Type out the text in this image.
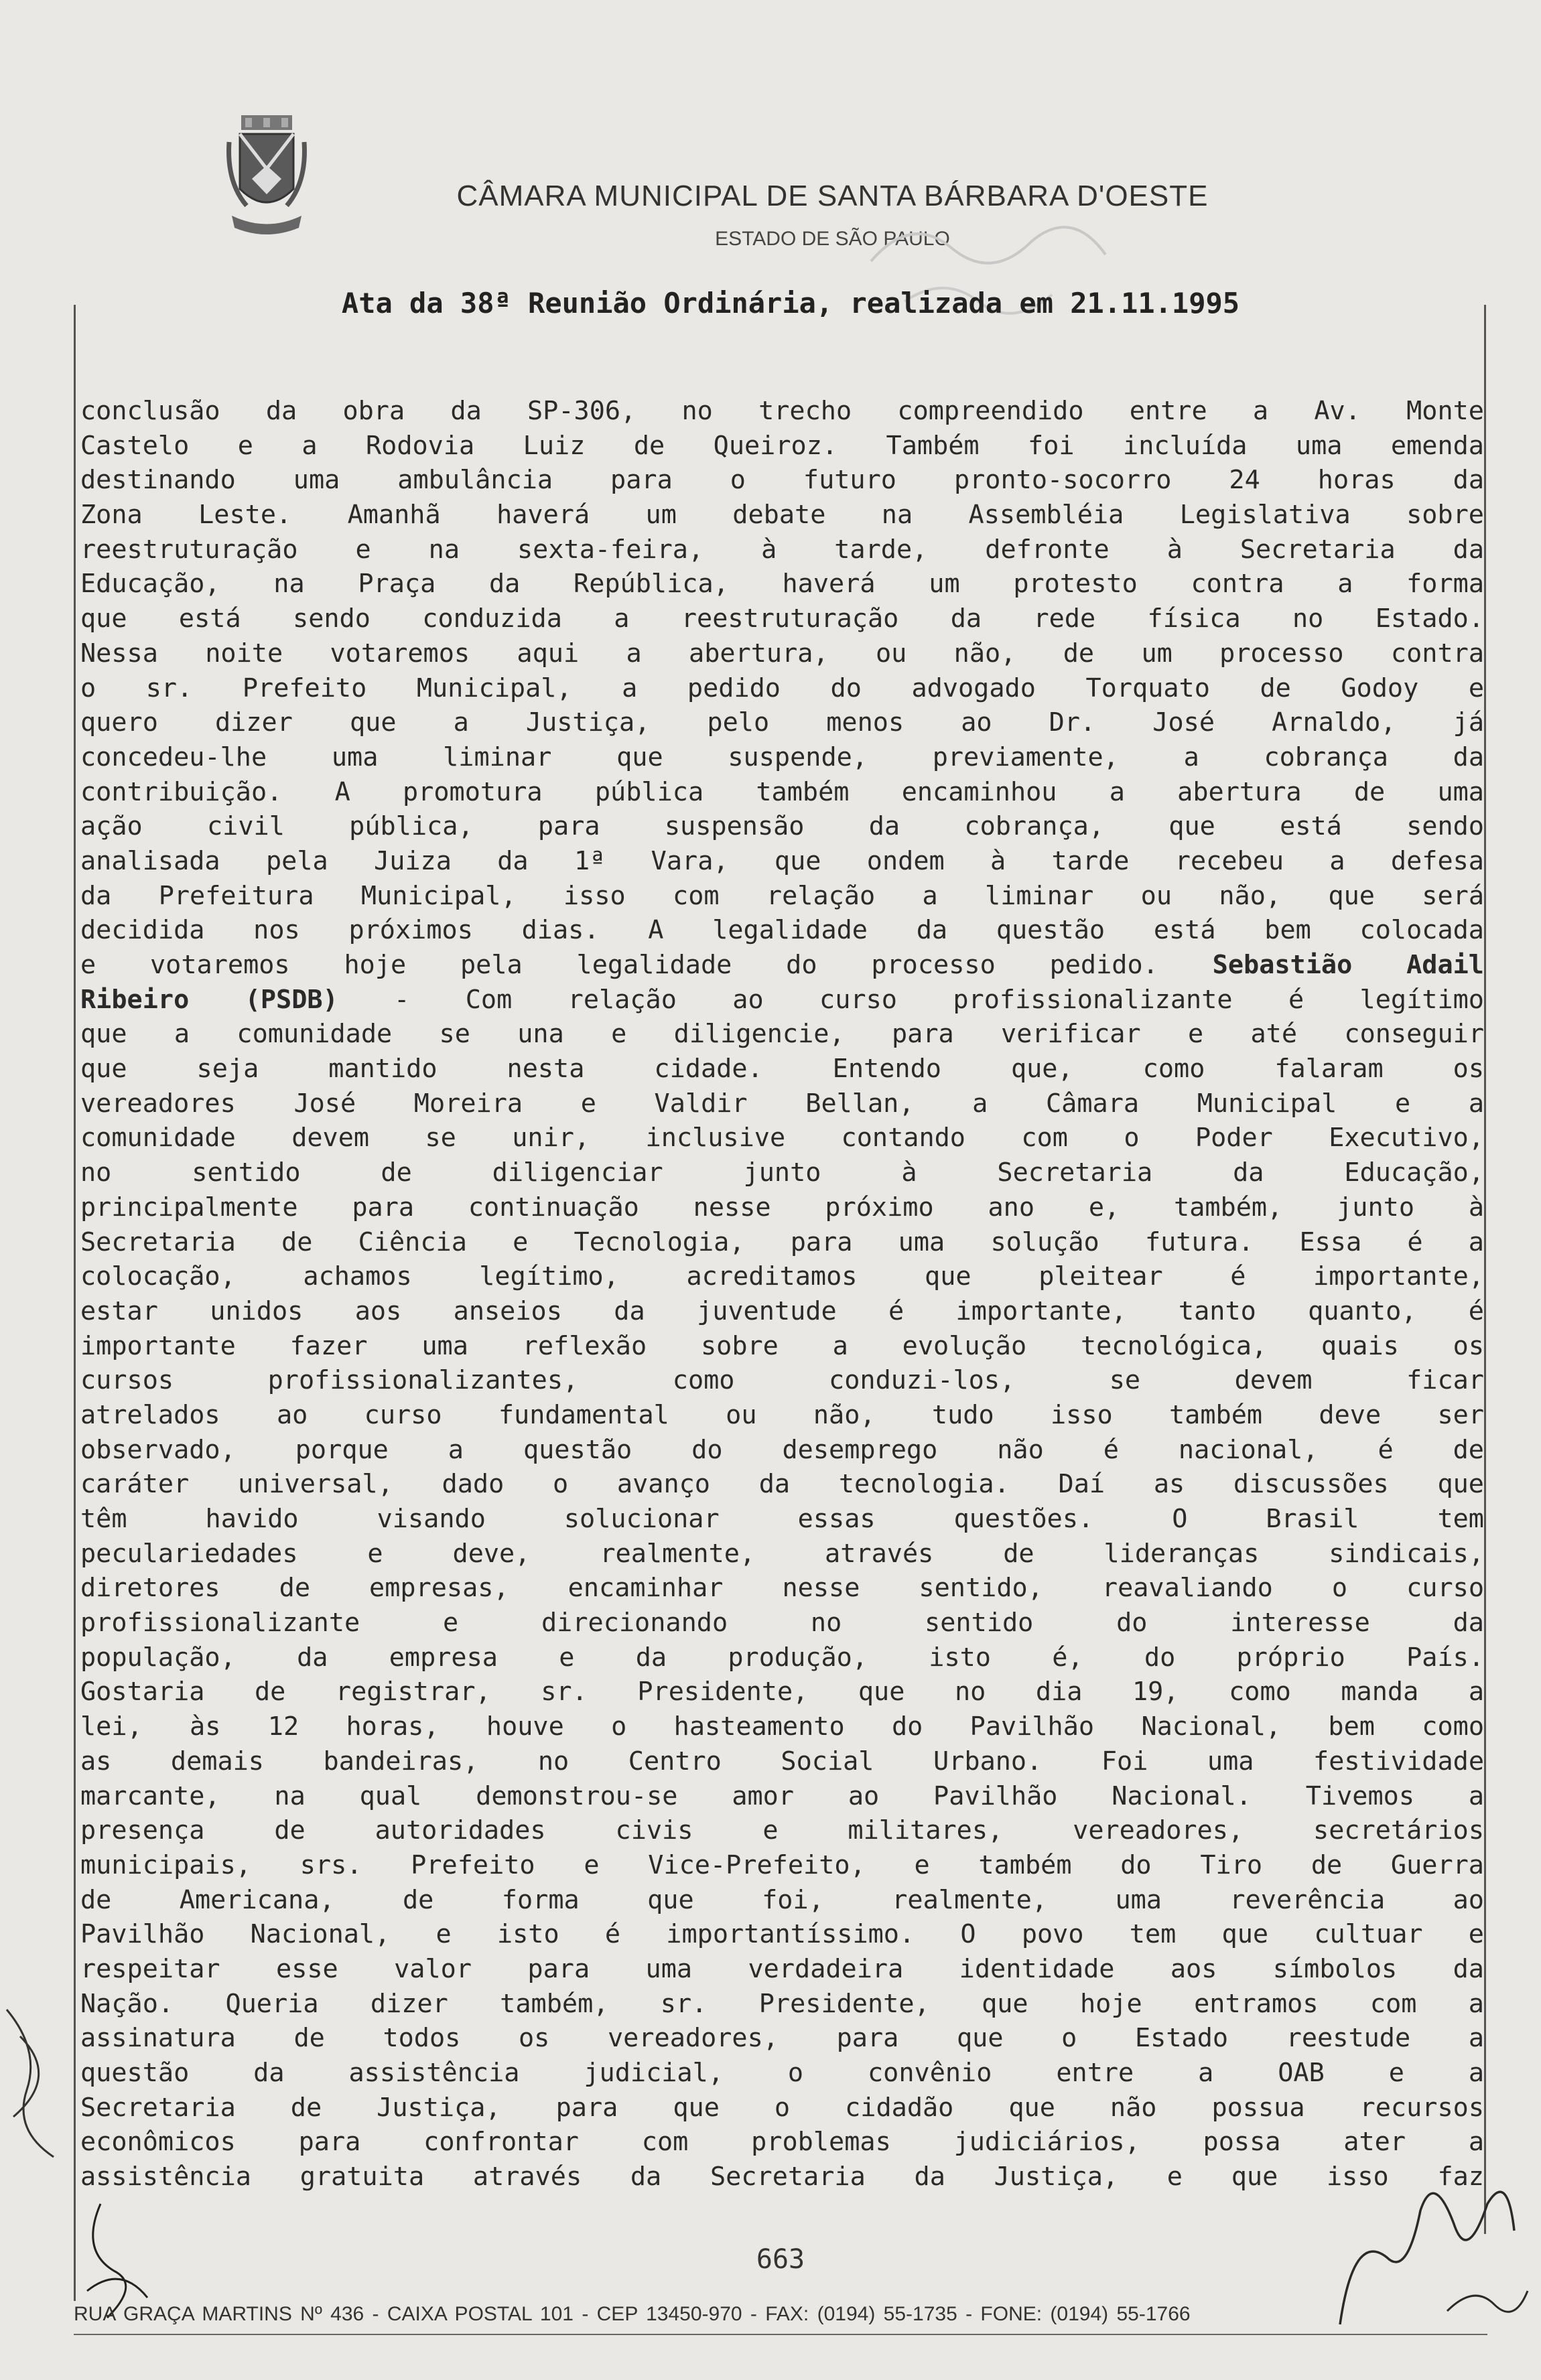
CÂMARA MUNICIPAL DE SANTA BÁRBARA D'OESTE
ESTADO DE SÃO PAULO
Ata da 38ª Reunião Ordinária, realizada em 21.11.1995
conclusão da obra da SP-306, no trecho compreendido entre a Av. Monte
Castelo e a Rodovia Luiz de Queiroz. Também foi incluída uma emenda
destinando uma ambulância para o futuro pronto-socorro 24 horas da
Zona Leste. Amanhã haverá um debate na Assembléia Legislativa sobre
reestruturação e na sexta-feira, à tarde, defronte à Secretaria da
Educação, na Praça da República, haverá um protesto contra a forma
que está sendo conduzida a reestruturação da rede física no Estado.
Nessa noite votaremos aqui a abertura, ou não, de um processo contra
o sr. Prefeito Municipal, a pedido do advogado Torquato de Godoy e
quero dizer que a Justiça, pelo menos ao Dr. José Arnaldo, já
concedeu-lhe uma liminar que suspende, previamente, a cobrança da
contribuição. A promotura pública também encaminhou a abertura de uma
ação civil pública, para suspensão da cobrança, que está sendo
analisada pela Juiza da 1ª Vara, que ondem à tarde recebeu a defesa
da Prefeitura Municipal, isso com relação a liminar ou não, que será
decidida nos próximos dias. A legalidade da questão está bem colocada
e votaremos hoje pela legalidade do processo pedido. Sebastião Adail
Ribeiro (PSDB) - Com relação ao curso profissionalizante é legítimo
que a comunidade se una e diligencie, para verificar e até conseguir
que seja mantido nesta cidade. Entendo que, como falaram os
vereadores José Moreira e Valdir Bellan, a Câmara Municipal e a
comunidade devem se unir, inclusive contando com o Poder Executivo,
no sentido de diligenciar junto à Secretaria da Educação,
principalmente para continuação nesse próximo ano e, também, junto à
Secretaria de Ciência e Tecnologia, para uma solução futura. Essa é a
colocação, achamos legítimo, acreditamos que pleitear é importante,
estar unidos aos anseios da juventude é importante, tanto quanto, é
importante fazer uma reflexão sobre a evolução tecnológica, quais os
cursos profissionalizantes, como conduzi-los, se devem ficar
atrelados ao curso fundamental ou não, tudo isso também deve ser
observado, porque a questão do desemprego não é nacional, é de
caráter universal, dado o avanço da tecnologia. Daí as discussões que
têm havido visando solucionar essas questões. O Brasil tem
peculariedades e deve, realmente, através de lideranças sindicais,
diretores de empresas, encaminhar nesse sentido, reavaliando o curso
profissionalizante e direcionando no sentido do interesse da
população, da empresa e da produção, isto é, do próprio País.
Gostaria de registrar, sr. Presidente, que no dia 19, como manda a
lei, às 12 horas, houve o hasteamento do Pavilhão Nacional, bem como
as demais bandeiras, no Centro Social Urbano. Foi uma festividade
marcante, na qual demonstrou-se amor ao Pavilhão Nacional. Tivemos a
presença de autoridades civis e militares, vereadores, secretários
municipais, srs. Prefeito e Vice-Prefeito, e também do Tiro de Guerra
de Americana, de forma que foi, realmente, uma reverência ao
Pavilhão Nacional, e isto é importantíssimo. O povo tem que cultuar e
respeitar esse valor para uma verdadeira identidade aos símbolos da
Nação. Queria dizer também, sr. Presidente, que hoje entramos com a
assinatura de todos os vereadores, para que o Estado reestude a
questão da assistência judicial, o convênio entre a OAB e a
Secretaria de Justiça, para que o cidadão que não possua recursos
econômicos para confrontar com problemas judiciários, possa ater a
assistência gratuita através da Secretaria da Justiça, e que isso faz
663
RUA GRAÇA MARTINS Nº 436 - CAIXA POSTAL 101 - CEP 13450-970 - FAX: (0194) 55-1735 - FONE: (0194) 55-1766
